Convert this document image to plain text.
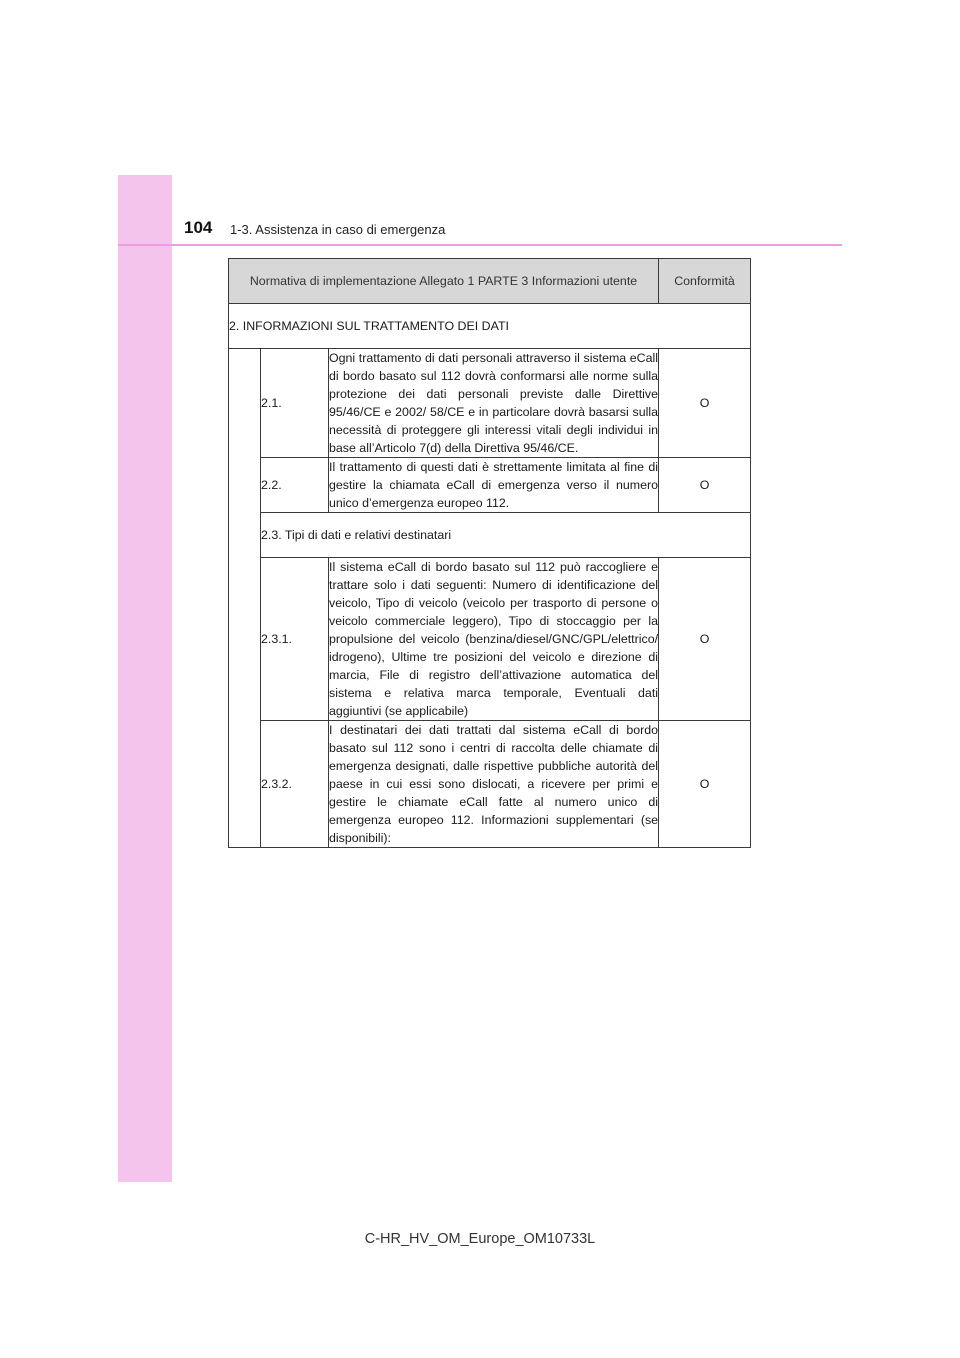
104 1-3. Assistenza in caso di emergenza
Normativa di implementazione Allegato 1 PARTE 3 Informazioni utente			Conformità
2. INFORMAZIONI SUL TRATTAMENTO DEI DATI			
	2.1.	Ogni trattamento di dati personali attraverso il sistema eCall di bordo basato sul 112 dovrà conformarsi alle norme sulla protezione dei dati personali previste dalle Direttive 95/46/CE e 2002/ 58/CE e in particolare dovrà basarsi sulla necessità di proteggere gli interessi vitali degli individui in base all’Articolo 7(d) della Direttiva 95/46/CE.	O
	2.2.	Il trattamento di questi dati è strettamente limitata al fine di gestire la chiamata eCall di emergenza verso il numero unico d’emergenza europeo 112.	O
	2.3. Tipi di dati e relativi destinatari		
	2.3.1.	Il sistema eCall di bordo basato sul 112 può raccogliere e trattare solo i dati seguenti: Numero di identificazione del veicolo, Tipo di veicolo (veicolo per trasporto di persone o veicolo commerciale leggero), Tipo di stoccaggio per la propulsione del veicolo (benzina/diesel/GNC/GPL/elettrico/ idrogeno), Ultime tre posizioni del veicolo e direzione di marcia, File di registro dell’attivazione automatica del sistema e relativa marca temporale, Eventuali dati aggiuntivi (se applicabile)	O
	2.3.2.	I destinatari dei dati trattati dal sistema eCall di bordo basato sul 112 sono i centri di raccolta delle chiamate di emergenza designati, dalle rispettive pubbliche autorità del paese in cui essi sono dislocati, a ricevere per primi e gestire le chiamate eCall fatte al numero unico di emergenza europeo 112. Informazioni supplementari (se disponibili):	O
C-HR_HV_OM_Europe_OM10733L
